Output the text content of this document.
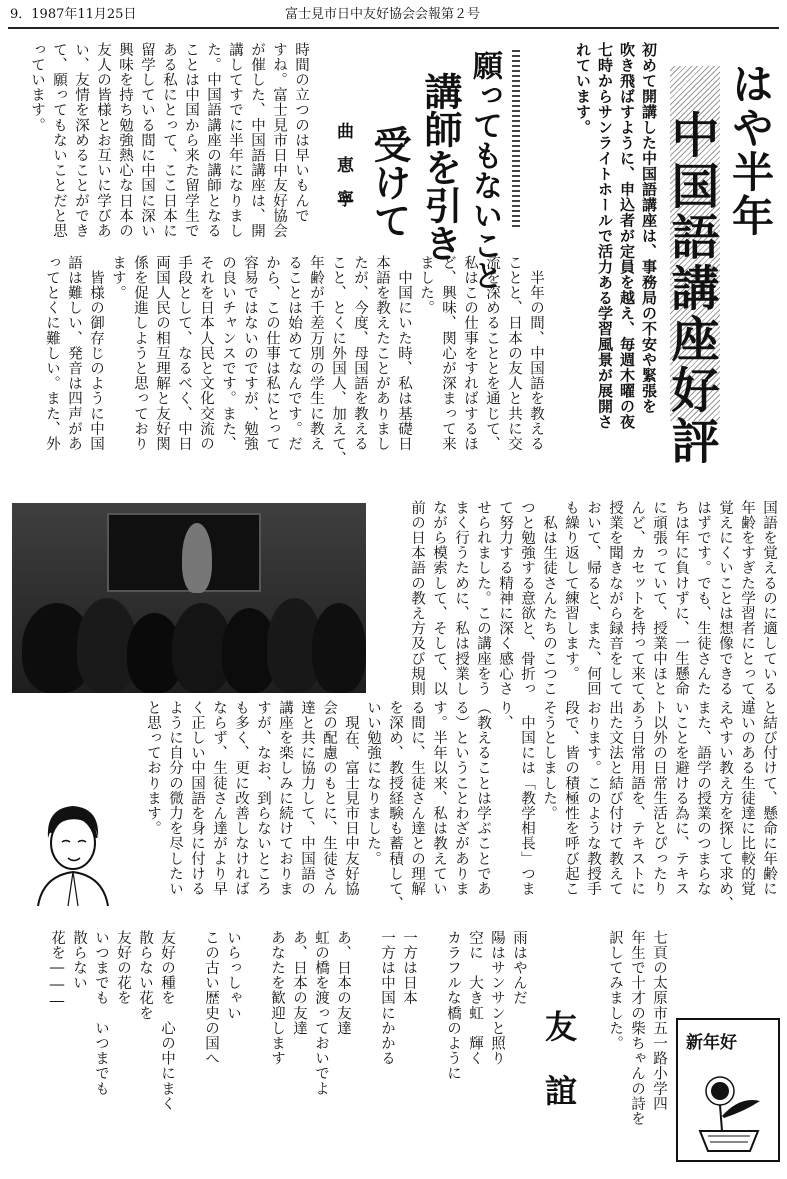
9．1987年11月25日	富士見市日中友好協会会報第２号
はや半年
中国語講座好評
初めて開講した中国語講座は、事務局の不安や緊張を
吹き飛ばすように、申込者が定員を越え、毎週木曜の夜
七時からサンライトホールで活力ある学習風景が展開さ
れています。
願ってもないこと
講師を引き
受けて
曲　恵　寧
　半年の間、中国語を教える
ことと、日本の友人と共に交
流を深めることとを通じて、
私はこの仕事をすればするほ
ど、興味、関心が深まって来
ました。
　中国にいた時、私は基礎日
本語を教えたことがありまし
たが、今度、母国語を教える
こと、とくに外国人、加えて、
年齢が千差万別の学生に教え
ることは始めてなんです。だ
から、この仕事は私にとって
容易ではないのですが、勉強
の良いチャンスです。また、
それを日本人民と文化交流の
手段として、なるべく、中日
両国人民の相互理解と友好関
係を促進しようと思っており
ます。
　皆様の御存じのように中国
語は難しい、発音は四声があ
ってとくに難しい。また、外
時間の立つのは早いもんで
すね。富士見市日中友好協会
が催した、中国語講座は、開
講してすでに半年になりまし
た。中国語講座の講師となる
ことは中国から来た留学生で
ある私にとって、ここ日本に
留学している間に中国に深い
興味を持ち勉強熱心な日本の
友人の皆様とお互いに学びあ
い、友情を深めることができ
て、願ってもないことだと思
っています。
国語を覚えるのに適している
年齢をすぎた学習者にとって、
覚えにくいことは想像できる
はずです。でも、生徒さんた
ちは年に負けずに、一生懸命
に頑張っていて、授業中ほと
んど、カセットを持って来て、
授業を聞きながら録音をして
おいて、帰ると、また、何回
も繰り返して練習します。
　私は生徒さんたちのこつこ
つと勉強する意欲と、骨折っ
て努力する精神に深く感心さ
せられました。この講座をう
まく行うために、私は授業し
ながら模索して、そして、以
前の日本語の教え方及び規則
と結び付けて、懸命に年齢に
違いのある生徒達に比較的覚
えやすい教え方を探して求め、
また、語学の授業のつまらな
いことを避ける為に、テキス
ト以外の日常生活とぴったり
あう日常用語を、テキストに
出た文法と結び付けて教えて
おります。このような教授手
段で、皆の積極性を呼び起こ
そうとしました。
　中国には「教学相長」つまり、
（教えることは学ぶことであ
る）ということわざがありま
す。半年以来、私は教えてい
る間に、生徒さん達との理解
を深め、教授経験も蓄積して、
いい勉強になりました。
　現在、富士見市日中友好協
会の配慮のもとに、生徒さん
達と共に協力して、中国語の
講座を楽しみに続けておりま
すが、なお、到らないところ
も多く、更に改善しなければ
ならず、生徒さん達がより早
く正しい中国語を身に付ける
ように自分の微力を尽したい
と思っております。
七頁の太原市五一路小学四
年生で十才の柴ちゃんの詩を
訳してみました。	新年好
友　誼
雨はやんだ
陽はサンサンと照り
空に　大き虹　輝く
カラフルな橋のように

一方は日本
一方は中国にかかる

あ、日本の友達
虹の橋を渡っておいでよ
あ、日本の友達
あなたを歓迎します

いらっしゃい
この古い歴史の国へ

友好の種を　心の中にまく
散らない花を
友好の花を
いつまでも　いつまでも
散らない
花を―――
